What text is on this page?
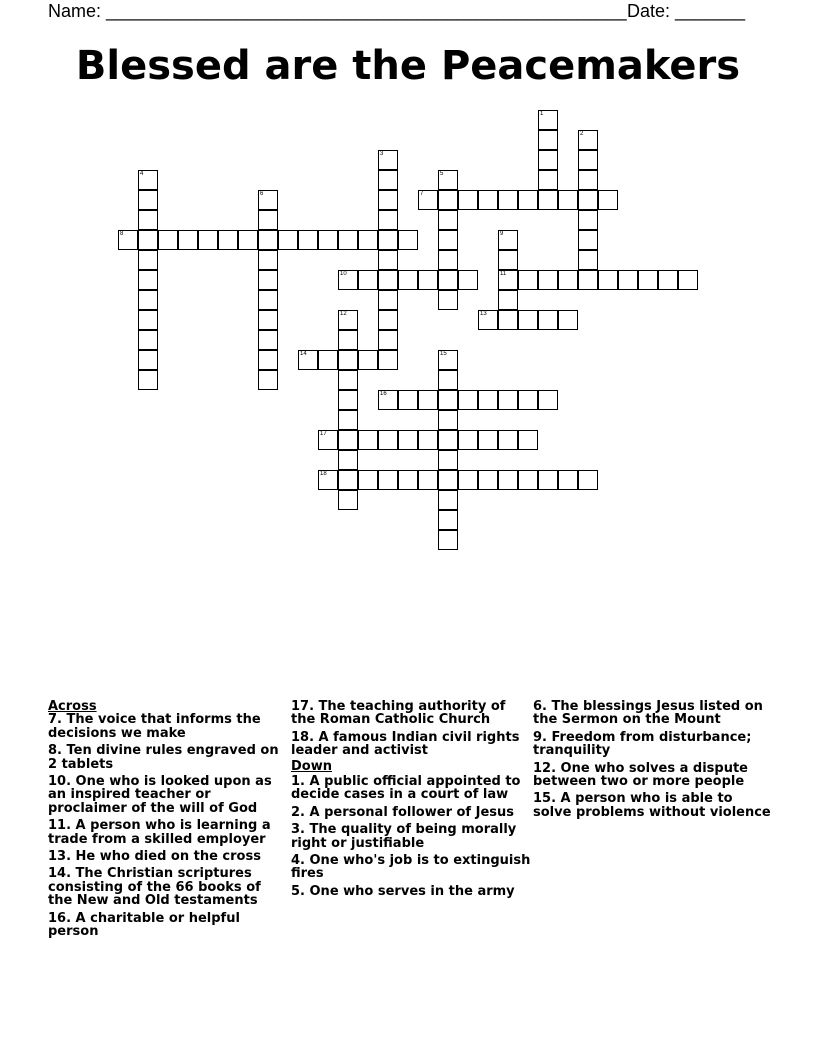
Name: ____________________________________________________ Date: _______
Blessed are the Peacemakers
1
2
3
4	5
6	7
8	9
11
10
12	13
14	15
16
17
18
Across
7. The voice that informs the decisions we make
8. Ten divine rules engraved on 2 tablets
10. One who is looked upon as an inspired teacher or proclaimer of the will of God
11. A person who is learning a trade from a skilled employer
13. He who died on the cross
14. The Christian scriptures consisting of the 66 books of the New and Old testaments
16. A charitable or helpful person
17. The teaching authority of the Roman Catholic Church
18. A famous Indian civil rights leader and activist
Down
1. A public official appointed to decide cases in a court of law
2. A personal follower of Jesus
3. The quality of being morally right or justifiable
4. One who's job is to extinguish fires
5. One who serves in the army
6. The blessings Jesus listed on the Sermon on the Mount
9. Freedom from disturbance; tranquility
12. One who solves a dispute between two or more people
15. A person who is able to solve problems without violence
